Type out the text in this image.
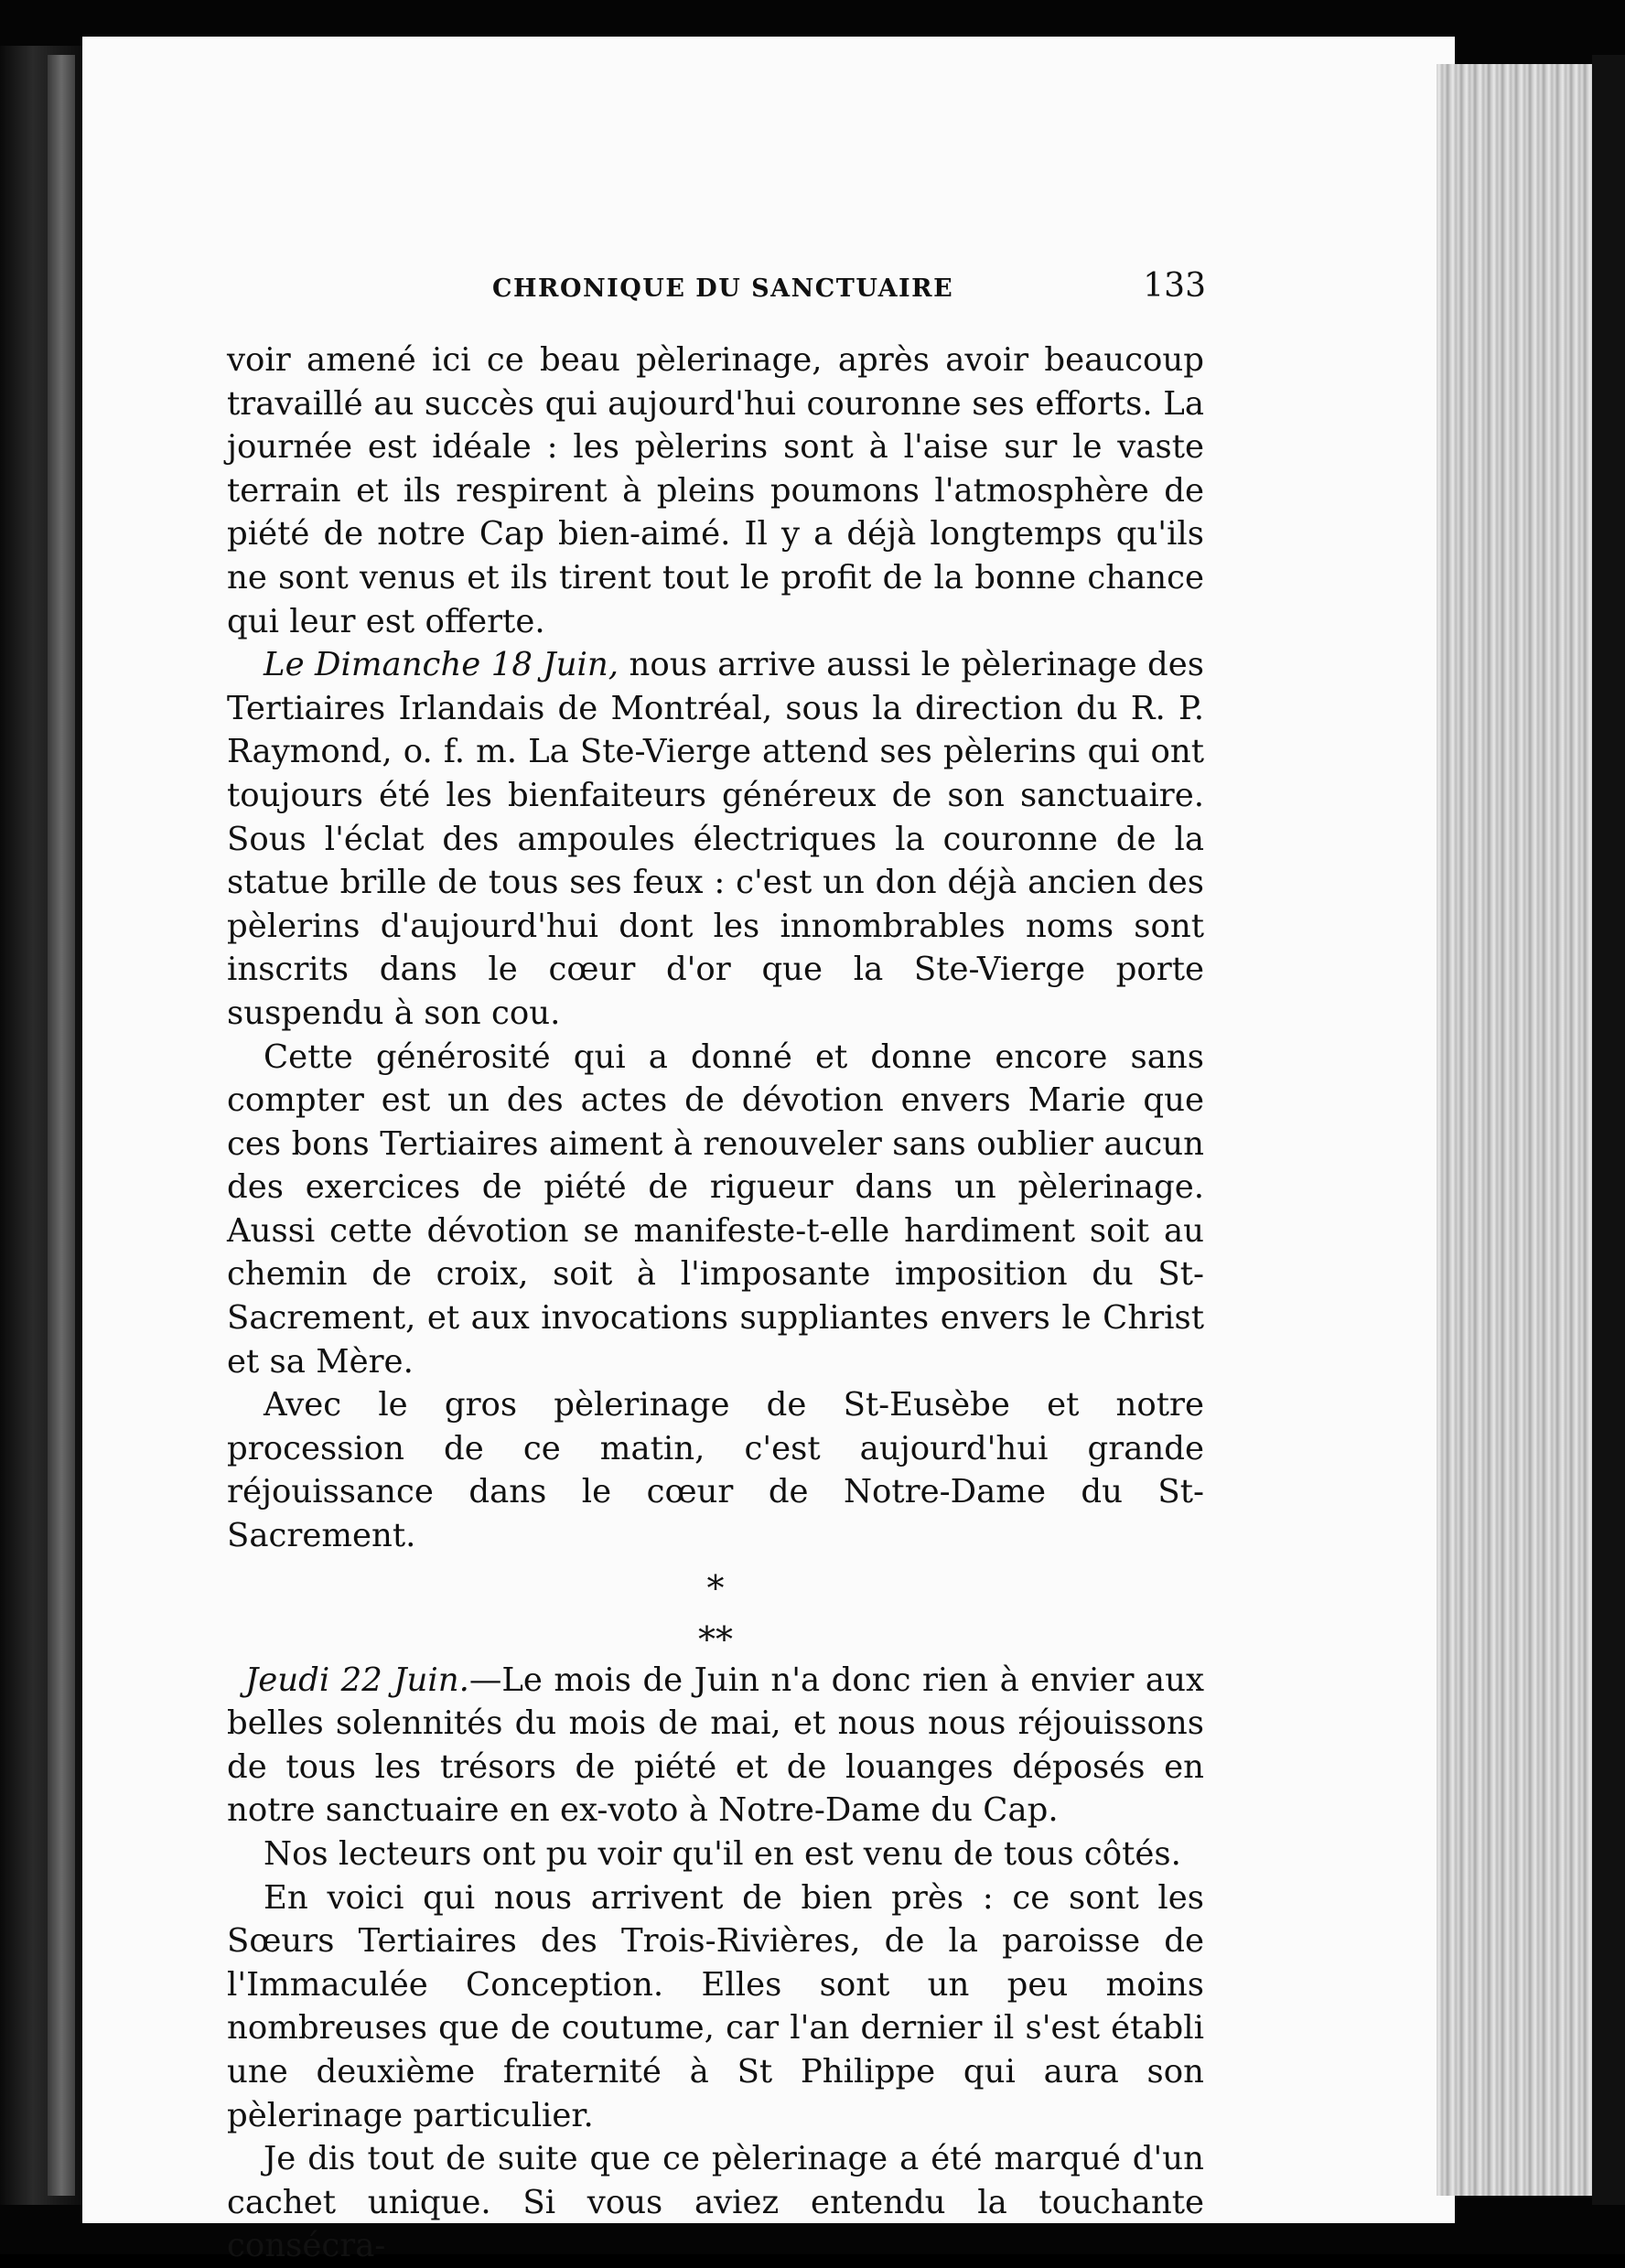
CHRONIQUE DU SANCTUAIRE	133

voir amené ici ce beau pèlerinage, après avoir beaucoup travaillé au succès qui aujourd'hui couronne ses efforts. La journée est idéale : les pèlerins sont à l'aise sur le vaste terrain et ils respirent à pleins poumons l'atmosphère de piété de notre Cap bien-aimé. Il y a déjà longtemps qu'ils ne sont venus et ils tirent tout le profit de la bonne chance qui leur est offerte.

Le Dimanche 18 Juin, nous arrive aussi le pèlerinage des Tertiaires Irlandais de Montréal, sous la direction du R. P. Raymond, o. f. m. La Ste-Vierge attend ses pèlerins qui ont toujours été les bienfaiteurs généreux de son sanctuaire. Sous l'éclat des ampoules électriques la couronne de la statue brille de tous ses feux : c'est un don déjà ancien des pèlerins d'aujourd'hui dont les innombrables noms sont inscrits dans le cœur d'or que la Ste-Vierge porte suspendu à son cou.

Cette générosité qui a donné et donne encore sans compter est un des actes de dévotion envers Marie que ces bons Tertiaires aiment à renouveler sans oublier aucun des exercices de piété de rigueur dans un pèlerinage. Aussi cette dévotion se manifeste-t-elle hardiment soit au chemin de croix, soit à l'imposante imposition du St-Sacrement, et aux invocations suppliantes envers le Christ et sa Mère.

Avec le gros pèlerinage de St-Eusèbe et notre procession de ce matin, c'est aujourd'hui grande réjouissance dans le cœur de Notre-Dame du St-Sacrement.

*
**

Jeudi 22 Juin.—Le mois de Juin n'a donc rien à envier aux belles solennités du mois de mai, et nous nous réjouissons de tous les trésors de piété et de louanges déposés en notre sanctuaire en ex-voto à Notre-Dame du Cap.

Nos lecteurs ont pu voir qu'il en est venu de tous côtés.

En voici qui nous arrivent de bien près : ce sont les Sœurs Tertiaires des Trois-Rivières, de la paroisse de l'Immaculée Conception. Elles sont un peu moins nombreuses que de coutume, car l'an dernier il s'est établi une deuxième fraternité à St Philippe qui aura son pèlerinage particulier.

Je dis tout de suite que ce pèlerinage a été marqué d'un cachet unique. Si vous aviez entendu la touchante consécra-
